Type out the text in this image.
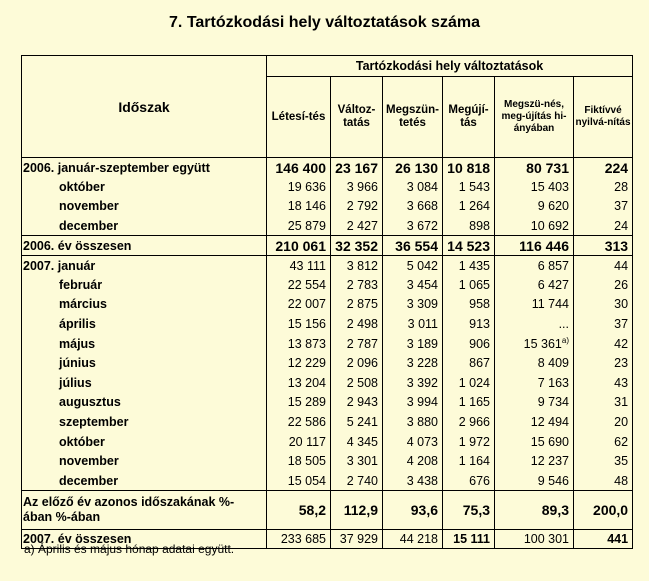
7. Tartózkodási hely változtatások száma
Időszak	Tartózkodási hely változtatások					
	Létesí-tés	Változ-tatás	Megszün-tetés	Megújí-tás	Megszü-nés, meg-újítás hi-ányában	Fiktívvé nyilvá-nítás
2006. január-szeptember együtt	146 400	23 167	26 130	10 818	80 731	224
október	19 636	3 966	3 084	1 543	15 403	28
november	18 146	2 792	3 668	1 264	9 620	37
december	25 879	2 427	3 672	898	10 692	24
2006. év összesen	210 061	32 352	36 554	14 523	116 446	313
2007. január	43 111	3 812	5 042	1 435	6 857	44
február	22 554	2 783	3 454	1 065	6 427	26
március	22 007	2 875	3 309	958	11 744	30
április	15 156	2 498	3 011	913	...	37
május	13 873	2 787	3 189	906	15 361$^{a)}$	42
június	12 229	2 096	3 228	867	8 409	23
július	13 204	2 508	3 392	1 024	7 163	43
augusztus	15 289	2 943	3 994	1 165	9 734	31
szeptember	22 586	5 241	3 880	2 966	12 494	20
október	20 117	4 345	4 073	1 972	15 690	62
november	18 505	3 301	4 208	1 164	12 237	35
december	15 054	2 740	3 438	676	9 546	48
Az előző év azonos időszakának %-
ában %-ában	58,2	112,9	93,6	75,3	89,3	200,0
2007. év összesen	233 685	37 929	44 218	15 111	100 301	441
a) Április és május hónap adatai együtt.
